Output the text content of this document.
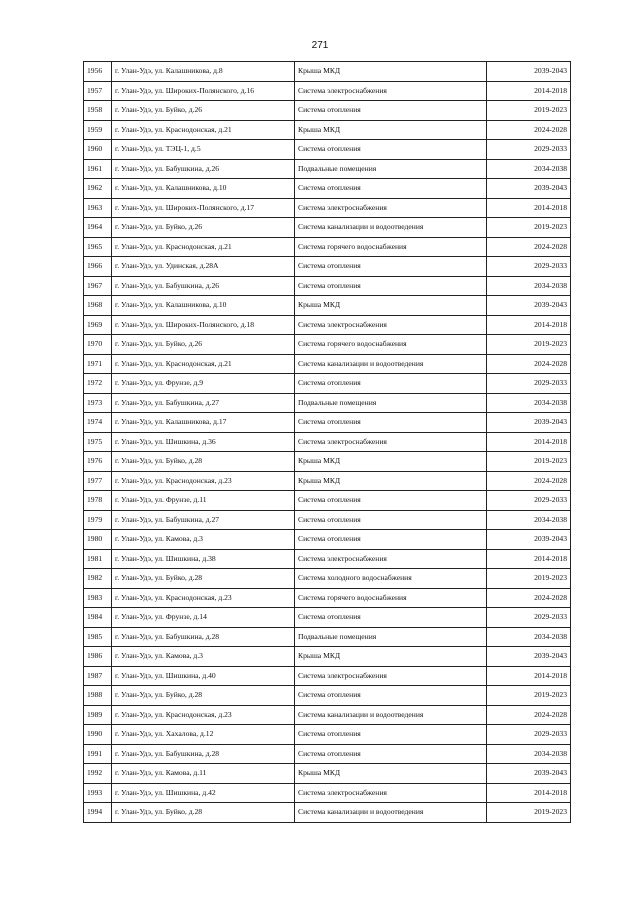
271
1956	г. Улан-Удэ, ул. Калашникова, д.8	Крыша МКД	2039-2043
1957	г. Улан-Удэ, ул. Широких-Полянского, д.16	Система электроснабжения	2014-2018
1958	г. Улан-Удэ, ул. Буйко, д.26	Система отопления	2019-2023
1959	г. Улан-Удэ, ул. Краснодонская, д.21	Крыша МКД	2024-2028
1960	г. Улан-Удэ, ул. ТЭЦ-1, д.5	Система отопления	2029-2033
1961	г. Улан-Удэ, ул. Бабушкина, д.26	Подвальные помещения	2034-2038
1962	г. Улан-Удэ, ул. Калашникова, д.10	Система отопления	2039-2043
1963	г. Улан-Удэ, ул. Широких-Полянского, д.17	Система электроснабжения	2014-2018
1964	г. Улан-Удэ, ул. Буйко, д.26	Система канализации и водоотведения	2019-2023
1965	г. Улан-Удэ, ул. Краснодонская, д.21	Система горячего водоснабжения	2024-2028
1966	г. Улан-Удэ, ул. Удинская, д.28А	Система отопления	2029-2033
1967	г. Улан-Удэ, ул. Бабушкина, д.26	Система отопления	2034-2038
1968	г. Улан-Удэ, ул. Калашникова, д.10	Крыша МКД	2039-2043
1969	г. Улан-Удэ, ул. Широких-Полянского, д.18	Система электроснабжения	2014-2018
1970	г. Улан-Удэ, ул. Буйко, д.26	Система горячего водоснабжения	2019-2023
1971	г. Улан-Удэ, ул. Краснодонская, д.21	Система канализации и водоотведения	2024-2028
1972	г. Улан-Удэ, ул. Фрунзе, д.9	Система отопления	2029-2033
1973	г. Улан-Удэ, ул. Бабушкина, д.27	Подвальные помещения	2034-2038
1974	г. Улан-Удэ, ул. Калашникова, д.17	Система отопления	2039-2043
1975	г. Улан-Удэ, ул. Шишкина, д.36	Система электроснабжения	2014-2018
1976	г. Улан-Удэ, ул. Буйко, д.28	Крыша МКД	2019-2023
1977	г. Улан-Удэ, ул. Краснодонская, д.23	Крыша МКД	2024-2028
1978	г. Улан-Удэ, ул. Фрунзе, д.11	Система отопления	2029-2033
1979	г. Улан-Удэ, ул. Бабушкина, д.27	Система отопления	2034-2038
1980	г. Улан-Удэ, ул. Камова, д.3	Система отопления	2039-2043
1981	г. Улан-Удэ, ул. Шишкина, д.38	Система электроснабжения	2014-2018
1982	г. Улан-Удэ, ул. Буйко, д.28	Система холодного водоснабжения	2019-2023
1983	г. Улан-Удэ, ул. Краснодонская, д.23	Система горячего водоснабжения	2024-2028
1984	г. Улан-Удэ, ул. Фрунзе, д.14	Система отопления	2029-2033
1985	г. Улан-Удэ, ул. Бабушкина, д.28	Подвальные помещения	2034-2038
1986	г. Улан-Удэ, ул. Камова, д.3	Крыша МКД	2039-2043
1987	г. Улан-Удэ, ул. Шишкина, д.40	Система электроснабжения	2014-2018
1988	г. Улан-Удэ, ул. Буйко, д.28	Система отопления	2019-2023
1989	г. Улан-Удэ, ул. Краснодонская, д.23	Система канализации и водоотведения	2024-2028
1990	г. Улан-Удэ, ул. Хахалова, д.12	Система отопления	2029-2033
1991	г. Улан-Удэ, ул. Бабушкина, д.28	Система отопления	2034-2038
1992	г. Улан-Удэ, ул. Камова, д.11	Крыша МКД	2039-2043
1993	г. Улан-Удэ, ул. Шишкина, д.42	Система электроснабжения	2014-2018
1994	г. Улан-Удэ, ул. Буйко, д.28	Система канализации и водоотведения	2019-2023
